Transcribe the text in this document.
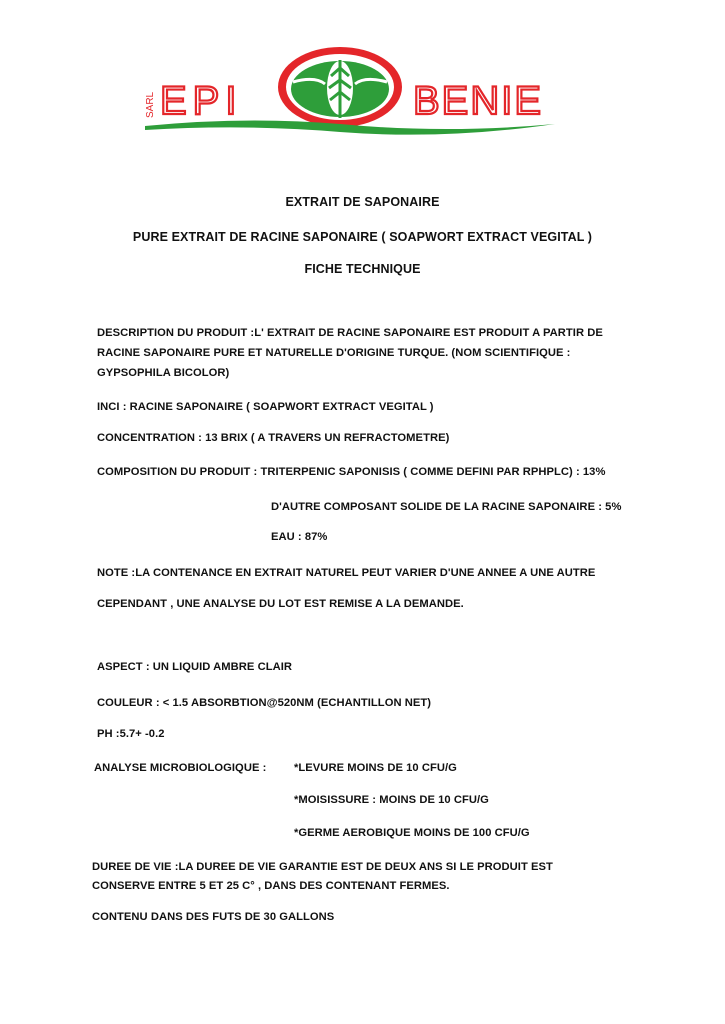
SARL EPI	BENIE
EXTRAIT DE SAPONAIRE
PURE EXTRAIT DE RACINE SAPONAIRE ( SOAPWORT EXTRACT VEGITAL )
FICHE TECHNIQUE
DESCRIPTION DU PRODUIT :L' EXTRAIT DE RACINE SAPONAIRE EST PRODUIT A PARTIR DE
RACINE SAPONAIRE PURE ET NATURELLE D'ORIGINE TURQUE. (NOM SCIENTIFIQUE :
GYPSOPHILA BICOLOR)
INCI : RACINE SAPONAIRE ( SOAPWORT EXTRACT VEGITAL )
CONCENTRATION : 13 BRIX ( A TRAVERS UN REFRACTOMETRE)
COMPOSITION DU PRODUIT : TRITERPENIC SAPONISIS ( COMME DEFINI PAR RPHPLC) : 13%
D'AUTRE COMPOSANT SOLIDE DE LA RACINE SAPONAIRE : 5%
EAU : 87%
NOTE :LA CONTENANCE EN EXTRAIT NATUREL PEUT VARIER D'UNE ANNEE A UNE AUTRE
CEPENDANT , UNE ANALYSE DU LOT EST REMISE A LA DEMANDE.
ASPECT : UN LIQUID AMBRE CLAIR
COULEUR : < 1.5 ABSORBTION@520NM (ECHANTILLON NET)
PH :5.7+ -0.2
ANALYSE MICROBIOLOGIQUE : *LEVURE MOINS DE 10 CFU/G
*MOISISSURE : MOINS DE 10 CFU/G
*GERME AEROBIQUE MOINS DE 100 CFU/G
DUREE DE VIE :LA DUREE DE VIE GARANTIE EST DE DEUX ANS SI LE PRODUIT EST
CONSERVE ENTRE 5 ET 25 C° , DANS DES CONTENANT FERMES.
CONTENU DANS DES FUTS DE 30 GALLONS
